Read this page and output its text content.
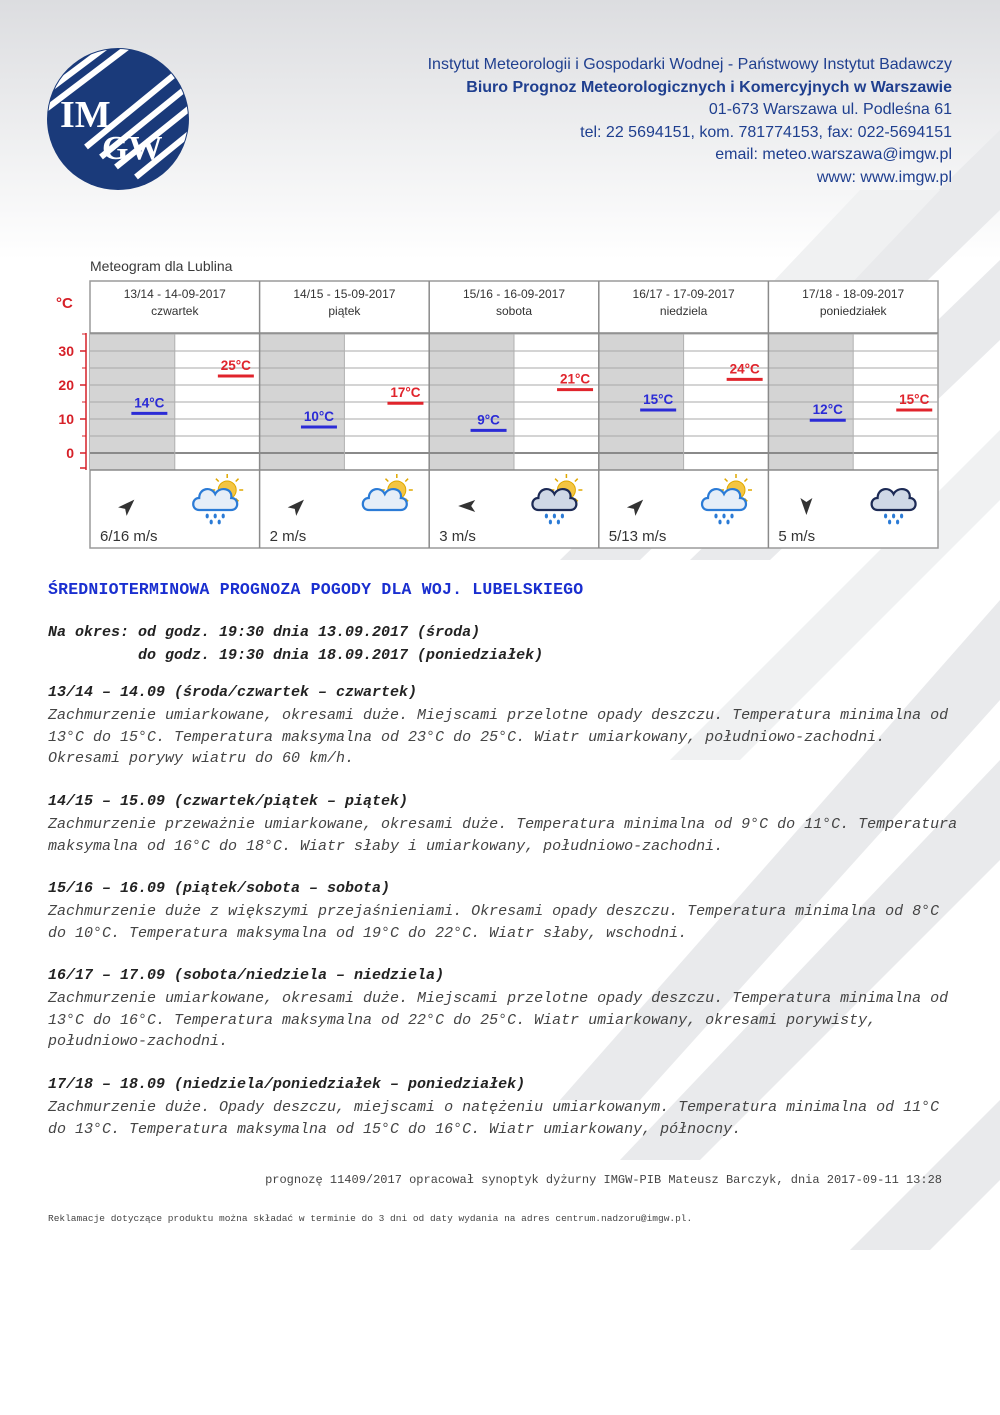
IM
GW
Instytut Meteorologii i Gospodarki Wodnej - Państwowy Instytut Badawczy
Biuro Prognoz Meteorologicznych i Komercyjnych w Warszawie
01-673 Warszawa ul. Podleśna 61
tel: 22 5694151, kom. 781774153, fax: 022-5694151
email: meteo.warszawa@imgw.pl
www: www.imgw.pl
Meteogram dla Lublina
°C
13/14 - 14-09-2017
czwartek
14/15 - 15-09-2017
piątek
15/16 - 16-09-2017
sobota
16/17 - 17-09-2017
niedziela
17/18 - 18-09-2017
poniedziałek
30
20
10
0
14°C
25°C
10°C
17°C
9°C
21°C
15°C
24°C
12°C
15°C
6/16 m/s	2 m/s	3 m/s	5/13 m/s	5 m/s
ŚREDNIOTERMINOWA PROGNOZA POGODY DLA WOJ. LUBELSKIEGO
Na okres: od godz. 19:30 dnia 13.09.2017 (środa)
do godz. 19:30 dnia 18.09.2017 (poniedziałek)
13/14 – 14.09 (środa/czwartek – czwartek)

Zachmurzenie umiarkowane, okresami duże. Miejscami przelotne opady deszczu. Temperatura minimalna od 13°C do 15°C. Temperatura maksymalna od 23°C do 25°C. Wiatr umiarkowany, południowo-zachodni. Okresami porywy wiatru do 60 km/h.

14/15 – 15.09 (czwartek/piątek – piątek)

Zachmurzenie przeważnie umiarkowane, okresami duże. Temperatura minimalna od 9°C do 11°C. Temperatura maksymalna od 16°C do 18°C. Wiatr słaby i umiarkowany, południowo-zachodni.

15/16 – 16.09 (piątek/sobota – sobota)

Zachmurzenie duże z większymi przejaśnieniami. Okresami opady deszczu. Temperatura minimalna od 8°C do 10°C. Temperatura maksymalna od 19°C do 22°C. Wiatr słaby, wschodni.

16/17 – 17.09 (sobota/niedziela – niedziela)

Zachmurzenie umiarkowane, okresami duże. Miejscami przelotne opady deszczu. Temperatura minimalna od 13°C do 16°C. Temperatura maksymalna od 22°C do 25°C. Wiatr umiarkowany, okresami porywisty, południowo-zachodni.

17/18 – 18.09 (niedziela/poniedziałek – poniedziałek)

Zachmurzenie duże. Opady deszczu, miejscami o natężeniu umiarkowanym. Temperatura minimalna od 11°C do 13°C. Temperatura maksymalna od 15°C do 16°C. Wiatr umiarkowany, północny.

prognozę 11409/2017 opracował synoptyk dyżurny IMGW-PIB Mateusz Barczyk, dnia 2017-09-11 13:28
Reklamacje dotyczące produktu można składać w terminie do 3 dni od daty wydania na adres centrum.nadzoru@imgw.pl.
